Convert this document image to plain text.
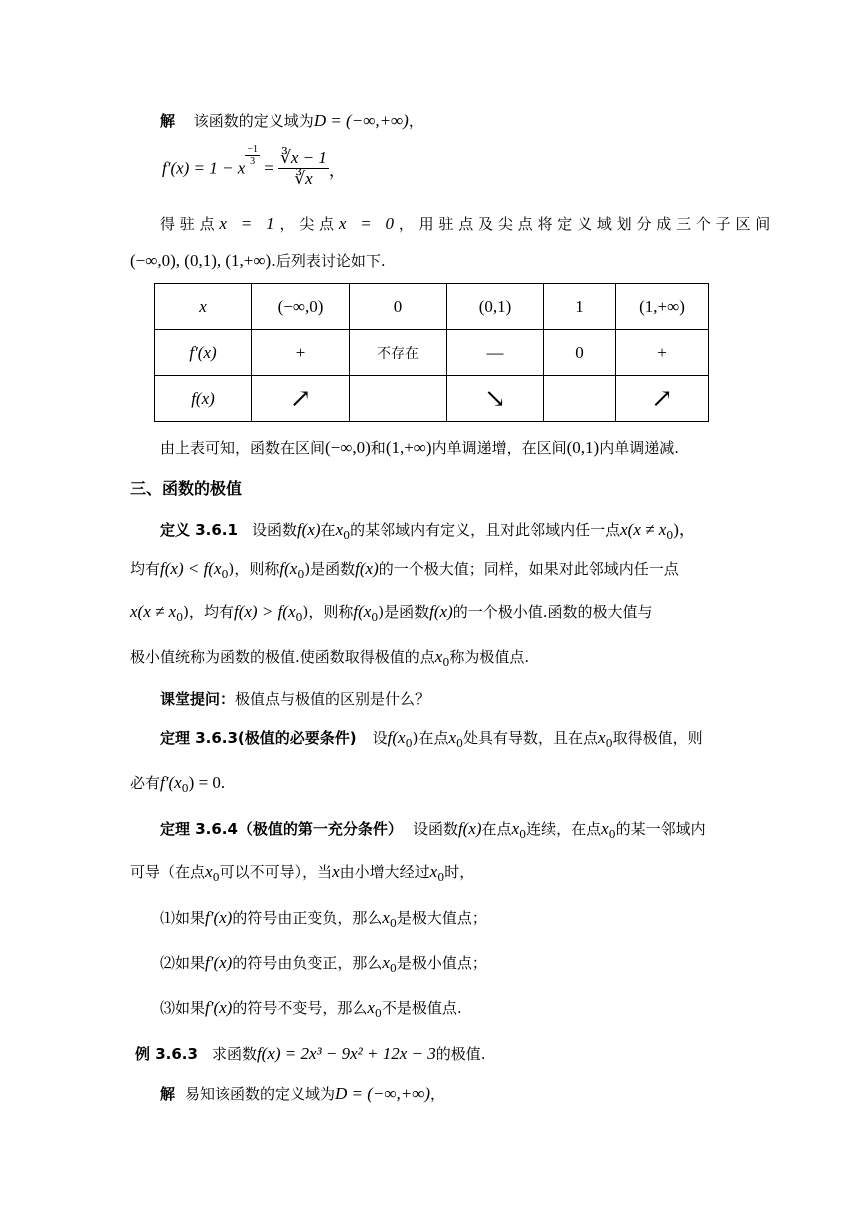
解 该函数的定义域为D = (−∞,+∞)，
f′(x) = 1 − x
$\frac{-1}{3}$
= $\frac{∛x - 1}{∛x}$ ，
得驻点x = 1，尖点x = 0，用驻点及尖点将定义域划分成三个子区间
(−∞,0), (0,1), (1,+∞).后列表讨论如下.
x	(−∞,0)	0	(0,1)	1	(1,+∞)
f′(x)	+	不存在	—	0	+
f(x)	↗		↘		↗
由上表可知，函数在区间(−∞,0)和(1,+∞)内单调递增，在区间(0,1)内单调递减.
三、函数的极值
定义 3.6.1 设函数f(x)在$x_0$的某邻域内有定义，且对此邻域内任一点$x(x \ne x_0)$，
均有$f(x) < f(x_0)$，则称$f(x_0)$是函数f(x)的一个极大值；同样，如果对此邻域内任一点
$x(x \ne x_0)$，均有$f(x) > f(x_0)$，则称$f(x_0)$是函数f(x)的一个极小值.函数的极大值与
极小值统称为函数的极值.使函数取得极值的点$x_0$称为极值点.
课堂提问：极值点与极值的区别是什么？
定理 3.6.3(极值的必要条件) 设$f(x_0)$在点$x_0$处具有导数，且在点$x_0$取得极值，则
必有$f'(x_0) = 0$.
定理 3.6.4（极值的第一充分条件） 设函数f(x)在点$x_0$连续，在点$x_0$的某一邻域内
可导（在点$x_0$可以不可导），当x由小增大经过$x_0$时，
⑴如果f′(x)的符号由正变负，那么$x_0$是极大值点；
⑵如果f′(x)的符号由负变正，那么$x_0$是极小值点；
⑶如果f′(x)的符号不变号，那么$x_0$不是极值点.
例 3.6.3 求函数f(x) = 2x³ − 9x² + 12x − 3的极值.
解 易知该函数的定义域为D = (−∞,+∞)，
